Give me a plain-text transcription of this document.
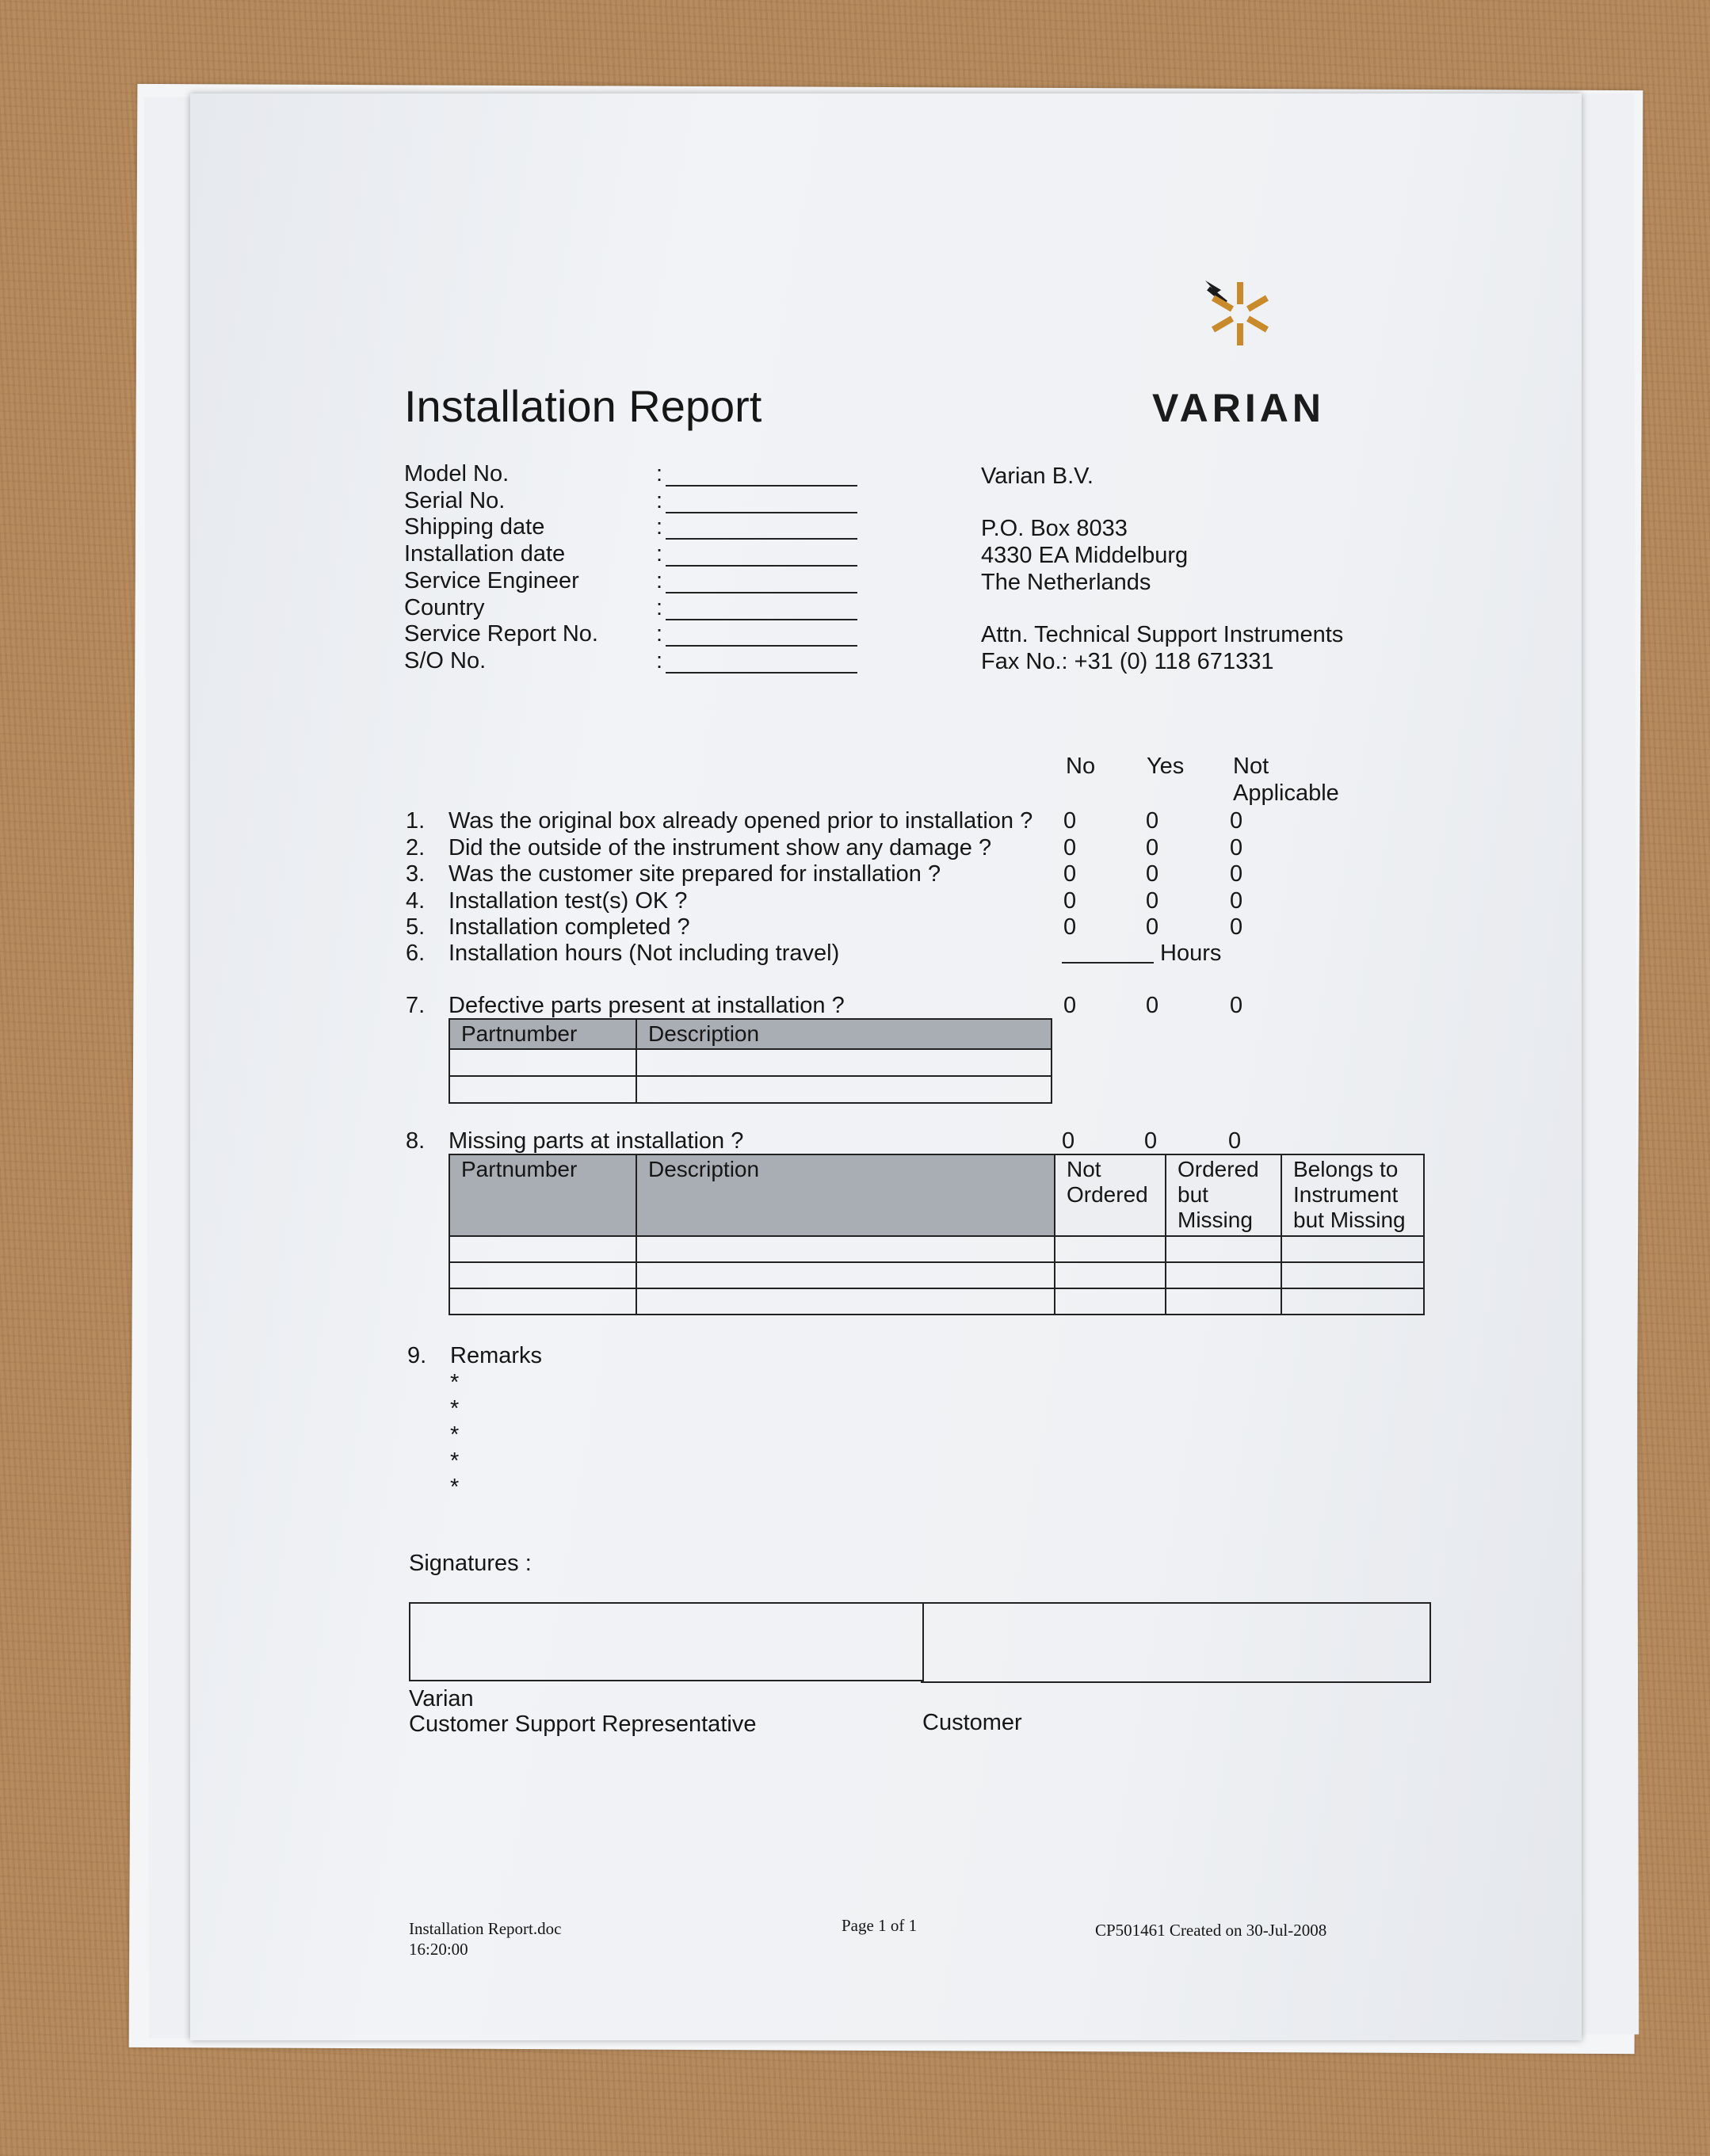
VARIAN
Installation Report
Model No.	:
Serial No.	:
Shipping date	:
Installation date	:
Service Engineer	:
Country	:
Service Report No.	:
S/O No.	:
Varian B.V.
P.O. Box 8033
4330 EA Middelburg
The Netherlands
Attn. Technical Support Instruments
Fax No.: +31 (0) 118 671331
No Yes Not
Applicable
1. Was the original box already opened prior to installation ? 0	0	0
2. Did the outside of the instrument show any damage ?	0	0	0
3. Was the customer site prepared for installation ?	0	0	0
4. Installation test(s) OK ?	0	0	0
5. Installation completed ?	0	0	0
6. Installation hours (Not including travel)	Hours
7. Defective parts present at installation ?	0	0	0
Partnumber	Description

8. Missing parts at installation ?	0	0	0
Partnumber	Description	Not Ordered	Ordered but Missing	Belongs to Instrument but Missing

9. Remarks
*
*
*
*
*
Signatures :
Varian
Customer Support Representative	Customer
Installation Report.doc
16:20:00
Page 1 of 1	CP501461 Created on 30-Jul-2008
